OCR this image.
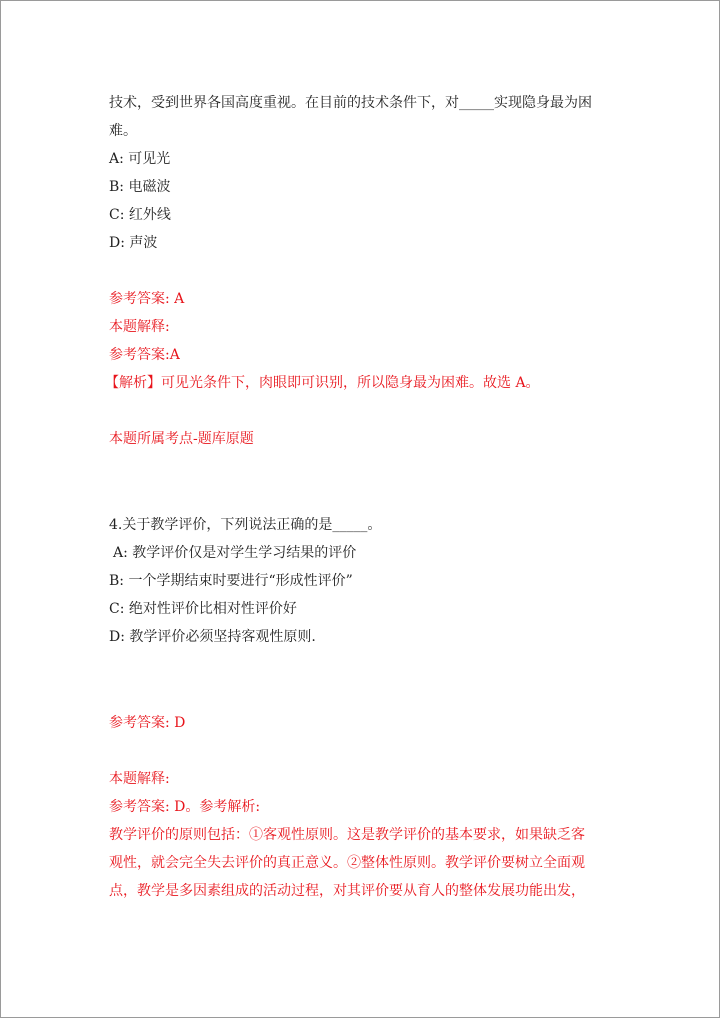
技术，受到世界各国高度重视。在目前的技术条件下，对_____实现隐身最为困
难。
A: 可见光
B: 电磁波
C: 红外线
D: 声波
参考答案: A
本题解释:
参考答案:A
【解析】可见光条件下，肉眼即可识别，所以隐身最为困难。故选 A。
本题所属考点-题库原题
4.关于教学评价，下列说法正确的是_____。
A: 教学评价仅是对学生学习结果的评价
B: 一个学期结束时要进行“形成性评价”
C: 绝对性评价比相对性评价好
D: 教学评价必须坚持客观性原则.
参考答案: D
本题解释:
参考答案: D。参考解析:
教学评价的原则包括：①客观性原则。这是教学评价的基本要求，如果缺乏客
观性，就会完全失去评价的真正意义。②整体性原则。教学评价要树立全面观
点，教学是多因素组成的活动过程，对其评价要从育人的整体发展功能出发，
